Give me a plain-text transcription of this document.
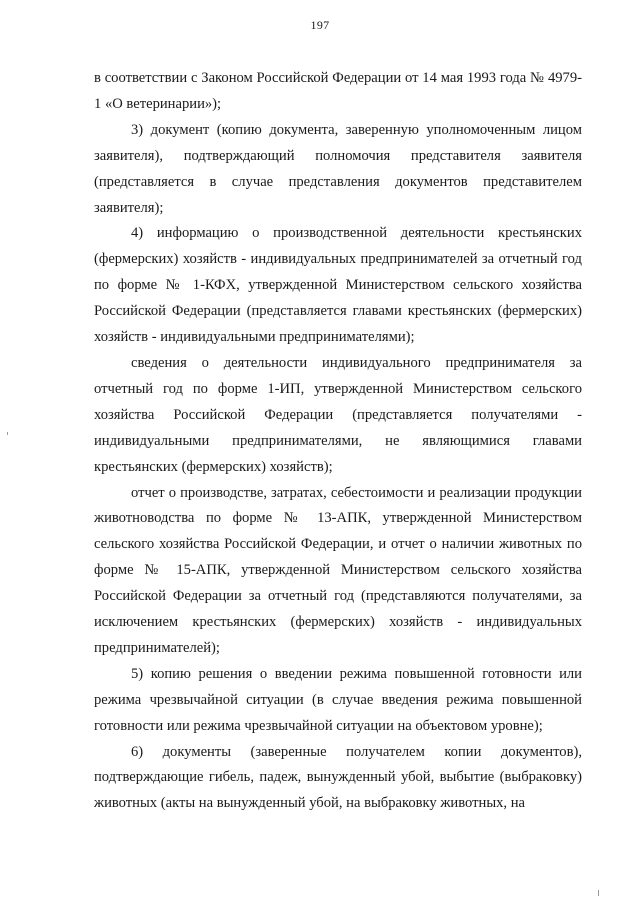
197

в соответствии с Законом Российской Федерации от 14 мая 1993 года № 4979-1 «О ветеринарии»);

3) документ (копию документа, заверенную уполномоченным лицом заявителя), подтверждающий полномочия представителя заявителя (представляется в случае представления документов представителем заявителя);

4) информацию о производственной деятельности крестьянских (фермерских) хозяйств - индивидуальных предпринимателей за отчетный год по форме № 1-КФХ, утвержденной Министерством сельского хозяйства Российской Федерации (представляется главами крестьянских (фермерских) хозяйств - индивидуальными предпринимателями);

сведения о деятельности индивидуального предпринимателя за отчетный год по форме 1-ИП, утвержденной Министерством сельского хозяйства Российской Федерации (представляется получателями - индивидуальными предпринимателями, не являющимися главами крестьянских (фермерских) хозяйств);

отчет о производстве, затратах, себестоимости и реализации продукции животноводства по форме № 13-АПК, утвержденной Министерством сельского хозяйства Российской Федерации, и отчет о наличии животных по форме № 15-АПК, утвержденной Министерством сельского хозяйства Российской Федерации за отчетный год (представляются получателями, за исключением крестьянских (фермерских) хозяйств - индивидуальных предпринимателей);

5) копию решения о введении режима повышенной готовности или режима чрезвычайной ситуации (в случае введения режима повышенной готовности или режима чрезвычайной ситуации на объектовом уровне);

6) документы (заверенные получателем копии документов), подтверждающие гибель, падеж, вынужденный убой, выбытие (выбраковку) животных (акты на вынужденный убой, на выбраковку животных, на
